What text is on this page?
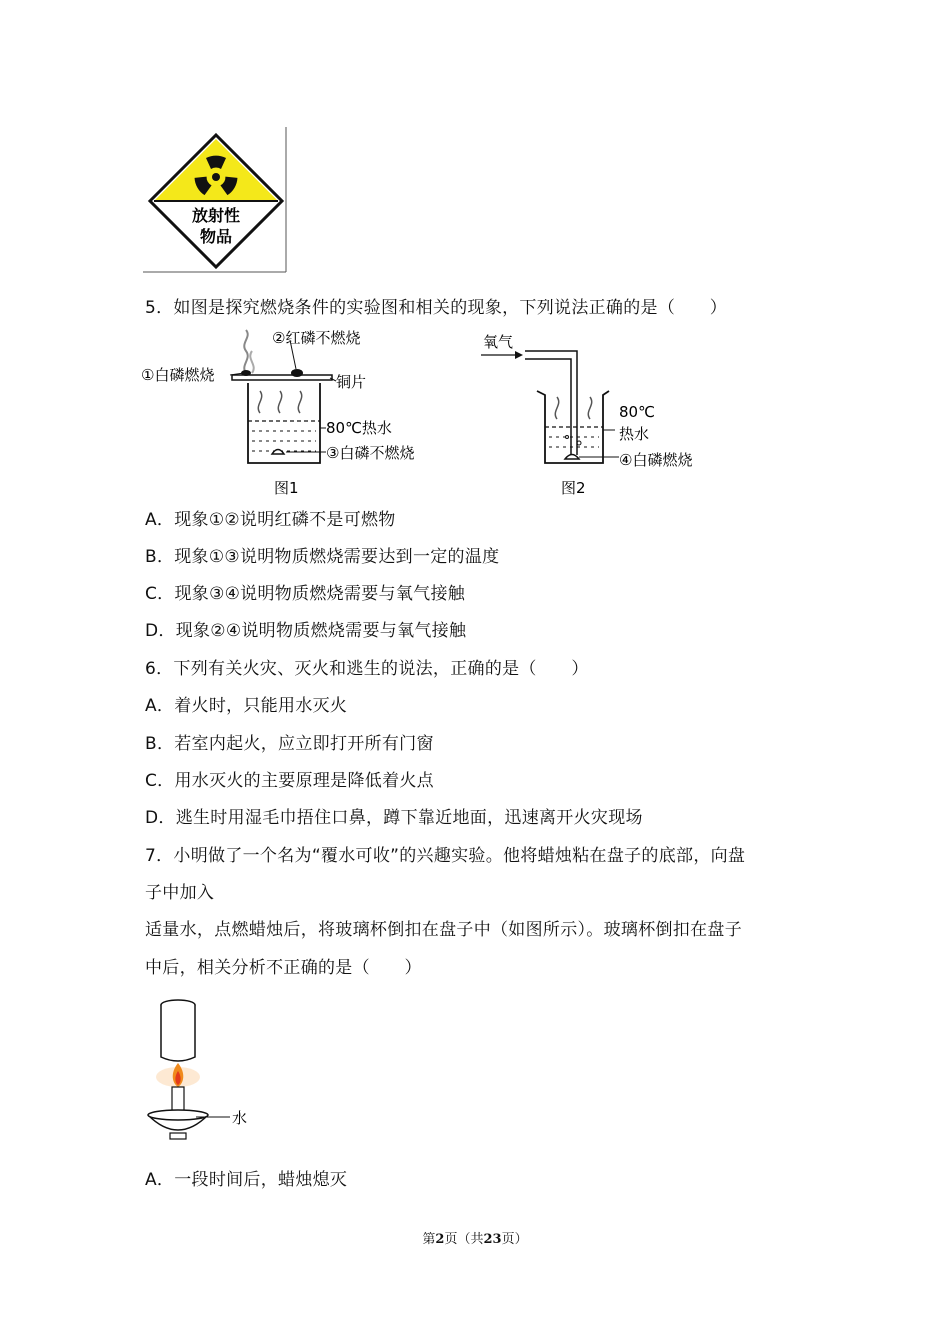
放射性
物品
5．如图是探究燃烧条件的实验图和相关的现象，下列说法正确的是（　　）
①白磷燃烧
②红磷不燃烧
铜片
80℃热水
③白磷不燃烧
图1
氧气
80℃
热水
④白磷燃烧
图2
A．现象①②说明红磷不是可燃物
B．现象①③说明物质燃烧需要达到一定的温度
C．现象③④说明物质燃烧需要与氧气接触
D．现象②④说明物质燃烧需要与氧气接触
6．下列有关火灾、灭火和逃生的说法，正确的是（　　）
A．着火时，只能用水灭火
B．若室内起火，应立即打开所有门窗
C．用水灭火的主要原理是降低着火点
D．逃生时用湿毛巾捂住口鼻，蹲下靠近地面，迅速离开火灾现场
7．小明做了一个名为“覆水可收”的兴趣实验。他将蜡烛粘在盘子的底部，向盘
子中加入
适量水，点燃蜡烛后，将玻璃杯倒扣在盘子中（如图所示）。玻璃杯倒扣在盘子
中后，相关分析不正确的是（　　）
水
A．一段时间后，蜡烛熄灭
第2页（共23页）
